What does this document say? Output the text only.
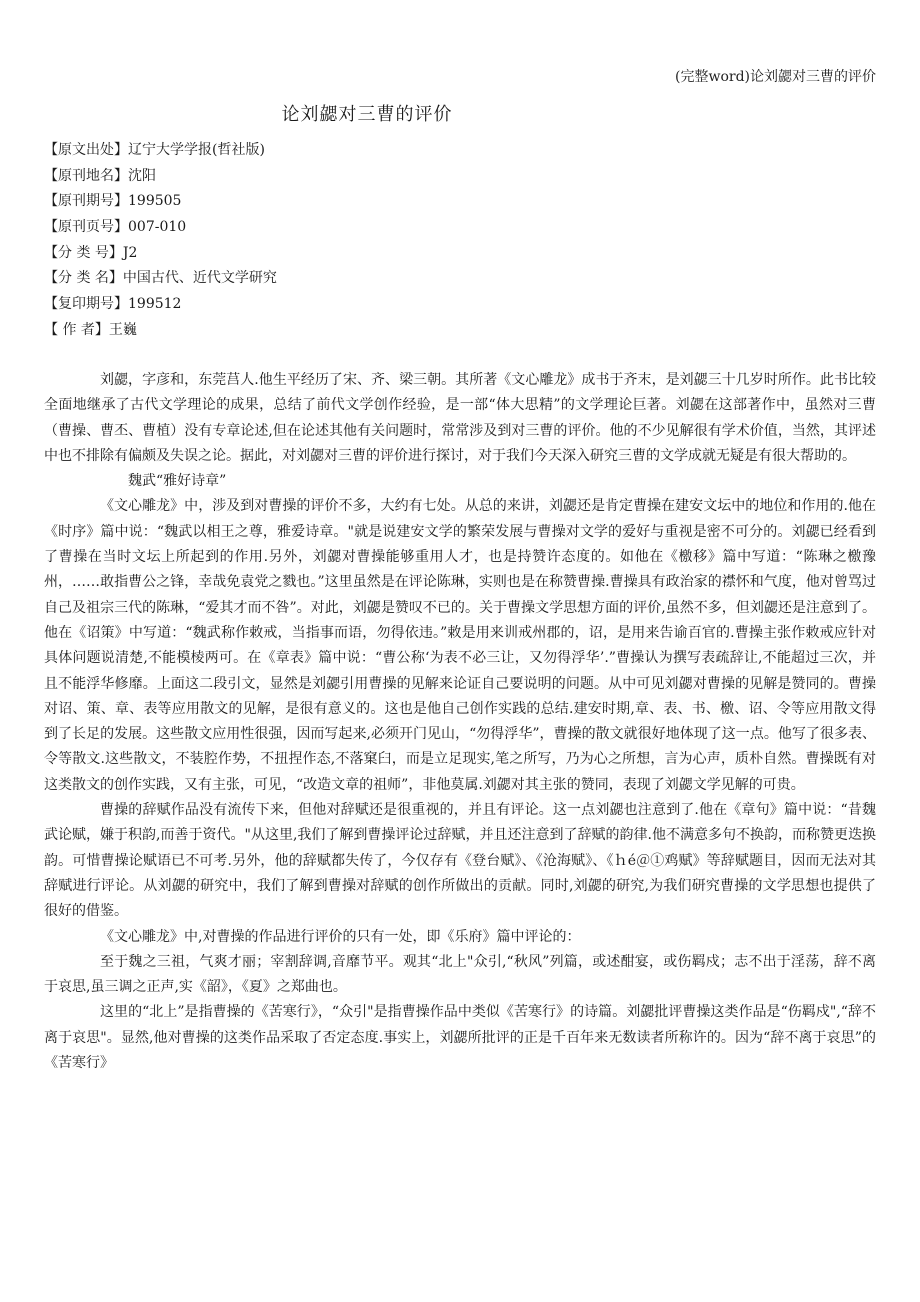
(完整word)论刘勰对三曹的评价
论刘勰对三曹的评价
【原文出处】辽宁大学学报(哲社版)
【原刊地名】沈阳
【原刊期号】199505
【原刊页号】007-010
【分 类 号】J2
【分 类 名】中国古代、近代文学研究
【复印期号】199512
【 作 者】王巍

刘勰，字彦和，东莞莒人.他生平经历了宋、齐、梁三朝。其所著《文心雕龙》成书于齐末，是刘勰三十几岁时所作。此书比较全面地继承了古代文学理论的成果，总结了前代文学创作经验，是一部“体大思精”的文学理论巨著。刘勰在这部著作中，虽然对三曹（曹操、曹丕、曹植）没有专章论述,但在论述其他有关问题时，常常涉及到对三曹的评价。他的不少见解很有学术价值，当然，其评述中也不排除有偏颇及失误之论。据此，对刘勰对三曹的评价进行探讨，对于我们今天深入研究三曹的文学成就无疑是有很大帮助的。

魏武“雅好诗章”

《文心雕龙》中，涉及到对曹操的评价不多，大约有七处。从总的来讲，刘勰还是肯定曹操在建安文坛中的地位和作用的.他在《时序》篇中说：“魏武以相王之尊，雅爱诗章。"就是说建安文学的繁荣发展与曹操对文学的爱好与重视是密不可分的。刘勰已经看到了曹操在当时文坛上所起到的作用.另外，刘勰对曹操能够重用人才，也是持赞许态度的。如他在《檄移》篇中写道：“陈琳之檄豫州，……敢指曹公之锋，幸哉免袁党之戮也。”这里虽然是在评论陈琳，实则也是在称赞曹操.曹操具有政治家的襟怀和气度，他对曾骂过自己及祖宗三代的陈琳，“爱其才而不咎”。对此，刘勰是赞叹不已的。关于曹操文学思想方面的评价,虽然不多，但刘勰还是注意到了。他在《诏策》中写道：“魏武称作敕戒，当指事而语，勿得依违。”敕是用来训戒州郡的，诏，是用来告谕百官的.曹操主张作敕戒应针对具体问题说清楚,不能模棱两可。在《章表》篇中说：“曹公称‘为表不必三让，又勿得浮华’.”曹操认为撰写表疏辞让,不能超过三次，并且不能浮华修靡。上面这二段引文，显然是刘勰引用曹操的见解来论证自己要说明的问题。从中可见刘勰对曹操的见解是赞同的。曹操对诏、策、章、表等应用散文的见解，是很有意义的。这也是他自己创作实践的总结.建安时期,章、表、书、檄、诏、令等应用散文得到了长足的发展。这些散文应用性很强，因而写起来,必须开门见山，“勿得浮华”，曹操的散文就很好地体现了这一点。他写了很多表、令等散文.这些散文，不装腔作势，不扭捏作态,不落窠臼，而是立足现实,笔之所写，乃为心之所想，言为心声，质朴自然。曹操既有对这类散文的创作实践，又有主张，可见，“改造文章的祖师”，非他莫属.刘勰对其主张的赞同，表现了刘勰文学见解的可贵。

曹操的辞赋作品没有流传下来，但他对辞赋还是很重视的，并且有评论。这一点刘勰也注意到了.他在《章句》篇中说：“昔魏武论赋，嫌于积韵,而善于资代。"从这里,我们了解到曹操评论过辞赋，并且还注意到了辞赋的韵律.他不满意多句不换韵，而称赞更迭换韵。可惜曹操论赋语已不可考.另外，他的辞赋都失传了，今仅存有《登台赋》、《沧海赋》、《ｈé＠①鸡赋》等辞赋题目，因而无法对其辞赋进行评论。从刘勰的研究中，我们了解到曹操对辞赋的创作所做出的贡献。同时,刘勰的研究,为我们研究曹操的文学思想也提供了很好的借鉴。

《文心雕龙》中,对曹操的作品进行评价的只有一处，即《乐府》篇中评论的：

至于魏之三祖，气爽才丽；宰割辞调,音靡节平。观其“北上"众引,“秋风”列篇，或述酣宴，或伤羁戍；志不出于淫荡，辞不离于哀思,虽三调之正声,实《韶》，《夏》之郑曲也。

这里的“北上”是指曹操的《苦寒行》，“众引"是指曹操作品中类似《苦寒行》的诗篇。刘勰批评曹操这类作品是“伤羁戍",“辞不离于哀思"。显然,他对曹操的这类作品采取了否定态度.事实上，刘勰所批评的正是千百年来无数读者所称许的。因为“辞不离于哀思”的《苦寒行》
